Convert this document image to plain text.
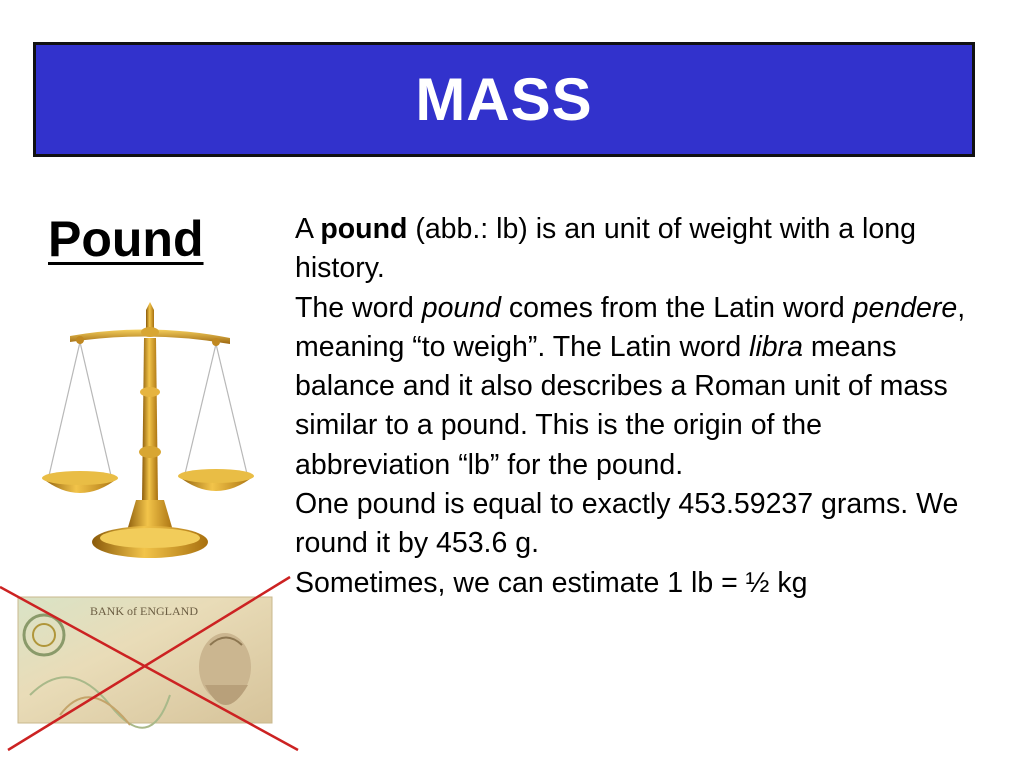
MASS
Pound	A pound (abb.: lb) is an unit of weight with a long history.

The word pound comes from the Latin word pendere, meaning “to weigh”. The Latin word libra means balance and it also describes a Roman unit of mass similar to a pound. This is the origin of the abbreviation “lb” for the pound.

One pound is equal to exactly 453.59237 grams. We round it by 453.6 g.

Sometimes, we can estimate 1 lb = ½ kg

BANK of ENGLAND
